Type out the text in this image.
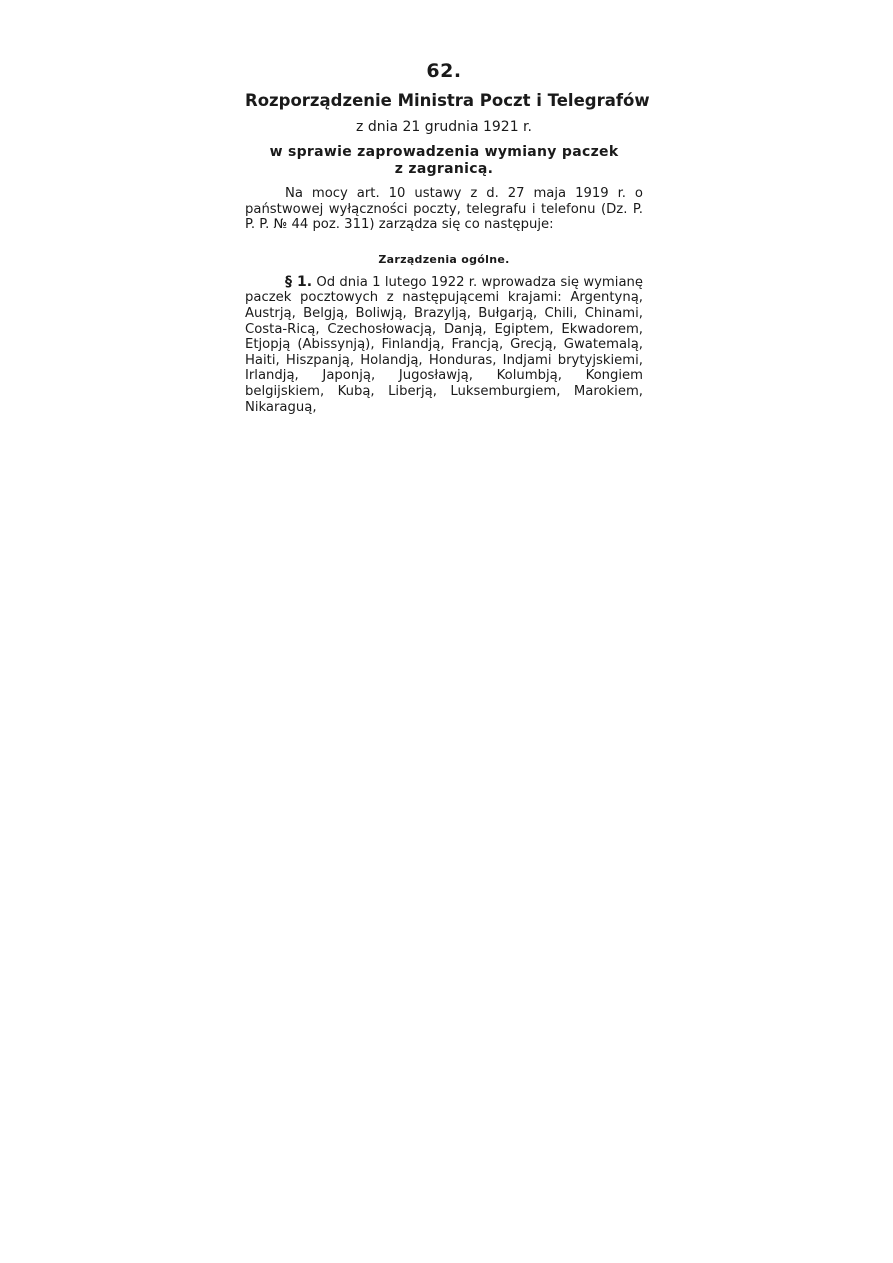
62.

Rozporządzenie Ministra Poczt i Telegrafów

z dnia 21 grudnia 1921 r.

w sprawie zaprowadzenia wymiany paczek
z zagranicą.

Na mocy art. 10 ustawy z d. 27 maja 1919 r. o państwowej wyłączności poczty, telegrafu i telefonu (Dz. P. P. P. № 44 poz. 311) zarządza się co następuje:

Zarządzenia ogólne.

§ 1. Od dnia 1 lutego 1922 r. wprowadza się wymianę paczek pocztowych z następującemi krajami: Argentyną, Austrją, Belgją, Boliwją, Brazylją, Bułgarją, Chili, Chinami, Costa-Ricą, Czechosłowacją, Danją, Egiptem, Ekwadorem, Etjopją (Abissynją), Finlandją, Francją, Grecją, Gwatemalą, Haiti, Hiszpanją, Holandją, Honduras, Indjami brytyjskiemi, Irlandją, Japonją, Jugosławją, Kolumbją, Kongiem belgijskiem, Kubą, Liberją, Luksemburgiem, Marokiem, Nikaraguą,
